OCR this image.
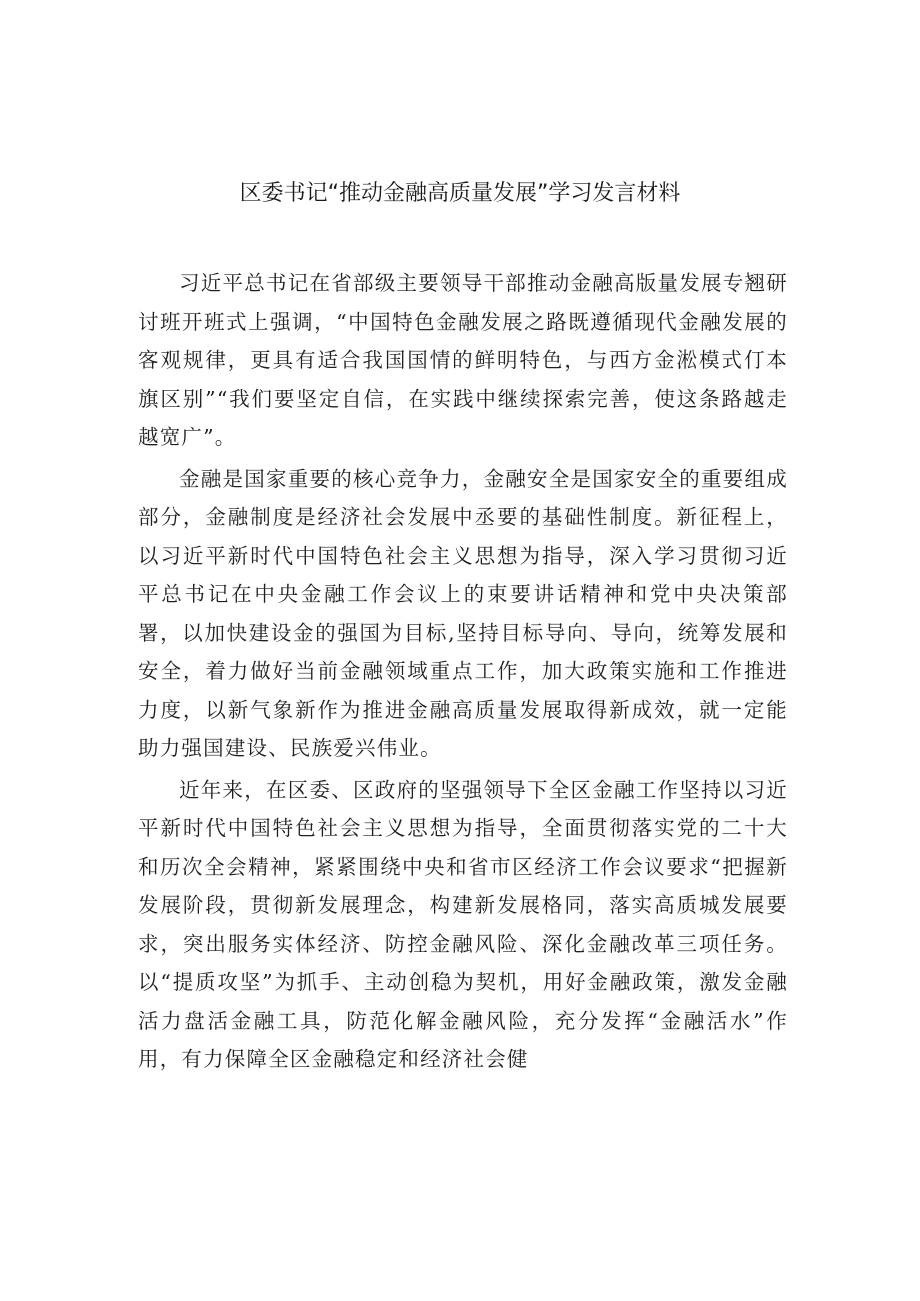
区委书记“推动金融高质量发展”学习发言材料

习近平总书记在省部级主要领导干部推动金融高版量发展专翘研讨班开班式上强调，“中国特色金融发展之路既遵循现代金融发展的客观规律，更具有适合我国国情的鲜明特色，与西方金淞模式仃本旗区别”“我们要坚定自信，在实践中继续探索完善，使这条路越走越宽广”。

金融是国家重要的核心竞争力，金融安全是国家安全的重要组成部分，金融制度是经济社会发展中丞要的基础性制度。新征程上，以习近平新时代中国特色社会主义思想为指导，深入学习贯彻习近平总书记在中央金融工作会议上的束要讲话精神和党中央决策部署，以加快建设金的强国为目标,坚持目标导向、导向，统筹发展和安全，着力做好当前金融领域重点工作，加大政策实施和工作推进力度，以新气象新作为推进金融高质量发展取得新成效，就一定能助力强国建设、民族爱兴伟业。

近年来，在区委、区政府的坚强领导下全区金融工作坚持以习近平新时代中国特色社会主义思想为指导，全面贯彻落实党的二十大和历次全会精神，紧紧围绕中央和省市区经济工作会议要求“把握新发展阶段，贯彻新发展理念，构建新发展格同，落实高质城发展要求，突出服务实体经济、防控金融风险、深化金融改革三项任务。以“提质攻坚”为抓手、主动创稳为契机，用好金融政策，激发金融活力盘活金融工具，防范化解金融风险，充分发挥“金融活水”作用，有力保障全区金融稳定和经济社会健
